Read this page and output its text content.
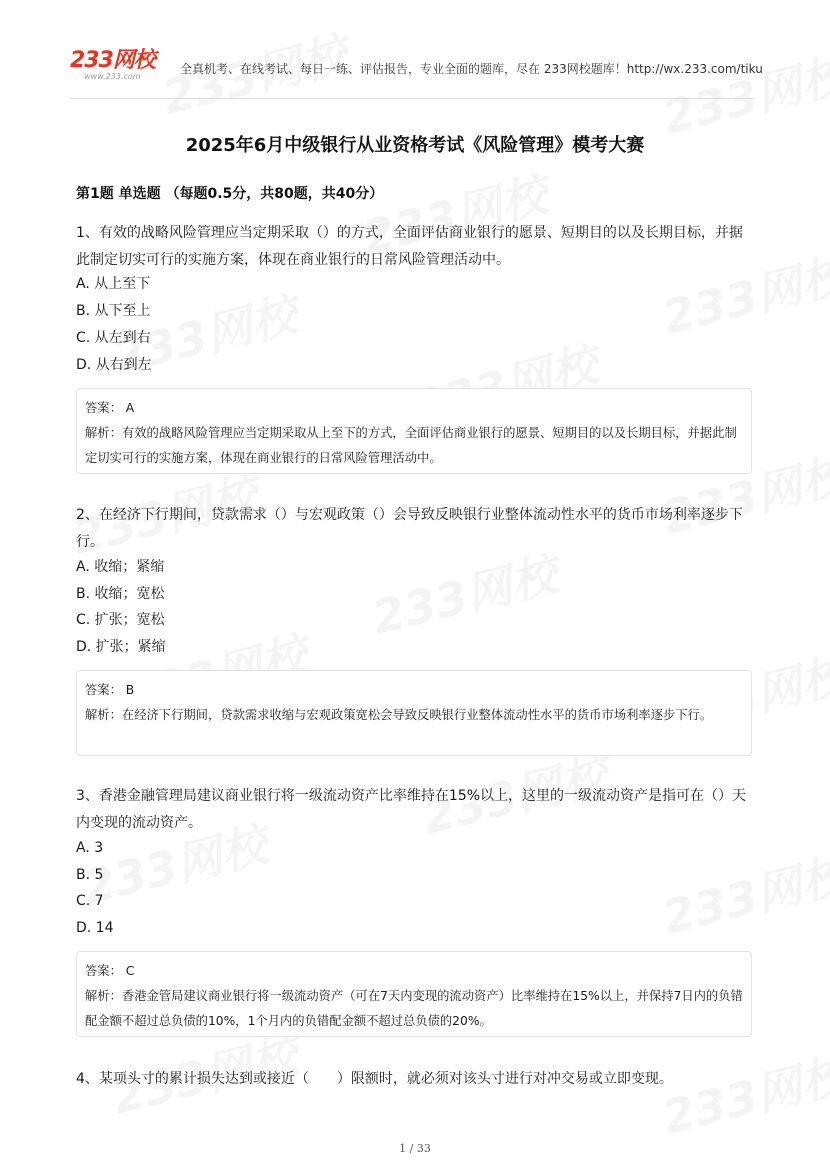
233网校
www.233.com
全真机考、在线考试、每日一练、评估报告，专业全面的题库，尽在 233网校题库！http://wx.233.com/tiku
2025年6月中级银行从业资格考试《风险管理》模考大赛
第1题 单选题 （每题0.5分，共80题，共40分）
1、有效的战略风险管理应当定期采取（）的方式，全面评估商业银行的愿景、短期目的以及长期目标，并据此制定切实可行的实施方案，体现在商业银行的日常风险管理活动中。
A. 从上至下
B. 从下至上
C. 从左到右
D. 从右到左
答案： A
解析：有效的战略风险管理应当定期采取从上至下的方式，全面评估商业银行的愿景、短期目的以及长期目标，并据此制定切实可行的实施方案，体现在商业银行的日常风险管理活动中。
2、在经济下行期间，贷款需求（）与宏观政策（）会导致反映银行业整体流动性水平的货币市场利率逐步下行。
A. 收缩；紧缩
B. 收缩；宽松
C. 扩张；宽松
D. 扩张；紧缩
答案： B
解析：在经济下行期间，贷款需求收缩与宏观政策宽松会导致反映银行业整体流动性水平的货币市场利率逐步下行。
3、香港金融管理局建议商业银行将一级流动资产比率维持在15%以上，这里的一级流动资产是指可在（）天内变现的流动资产。
A. 3
B. 5
C. 7
D. 14
答案： C
解析：香港金管局建议商业银行将一级流动资产（可在7天内变现的流动资产）比率维持在15%以上，并保持7日内的负错配金额不超过总负债的10%，1个月内的负错配金额不超过总负债的20%。
4、某项头寸的累计损失达到或接近（　　）限额时，就必须对该头寸进行对冲交易或立即变现。
1 / 33
